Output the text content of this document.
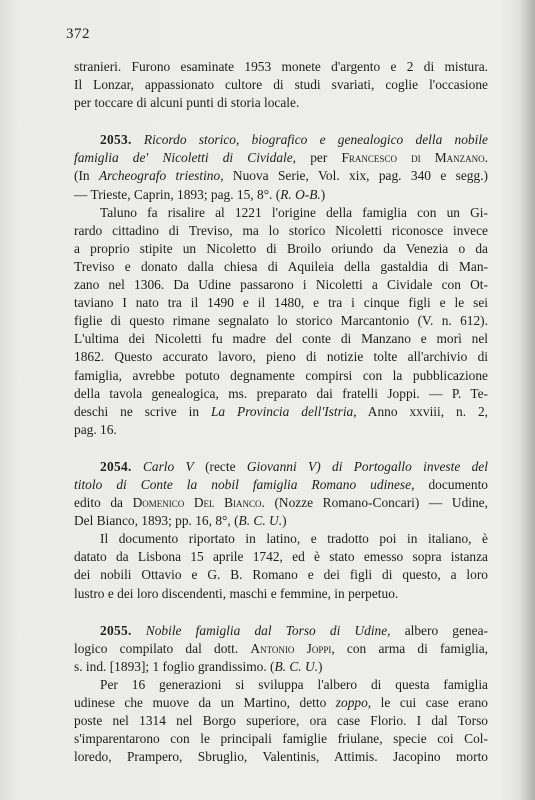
372
stranieri. Furono esaminate 1953 monete d'argento e 2 di mistura.
Il Lonzar, appassionato cultore di studi svariati, coglie l'occasione
per toccare di alcuni punti di storia locale.
2053. Ricordo storico, biografico e genealogico della nobile
famiglia de' Nicoletti di Cividale, per Francesco di Manzano.
(In Archeografo triestino, Nuova Serie, Vol. xix, pag. 340 e segg.)
— Trieste, Caprin, 1893; pag. 15, 8°. (R. O-B.)
Taluno fa risalire al 1221 l'origine della famiglia con un Gi-
rardo cittadino di Treviso, ma lo storico Nicoletti riconosce invece
a proprio stipite un Nicoletto di Broilo oriundo da Venezia o da
Treviso e donato dalla chiesa di Aquileia della gastaldia di Man-
zano nel 1306. Da Udine passarono i Nicoletti a Cividale con Ot-
taviano I nato tra il 1490 e il 1480, e tra i cinque figli e le sei
figlie di questo rimane segnalato lo storico Marcantonio (V. n. 612).
L'ultima dei Nicoletti fu madre del conte di Manzano e morì nel
1862. Questo accurato lavoro, pieno di notizie tolte all'archivio di
famiglia, avrebbe potuto degnamente compirsi con la pubblicazione
della tavola genealogica, ms. preparato dai fratelli Joppi. — P. Te-
deschi ne scrive in La Provincia dell'Istria, Anno xxviii, n. 2,
pag. 16.
2054. Carlo V (recte Giovanni V) di Portogallo investe del
titolo di Conte la nobil famiglia Romano udinese, documento
edito da Domenico Del Bianco. (Nozze Romano-Concari) — Udine,
Del Bianco, 1893; pp. 16, 8°, (B. C. U.)
Il documento riportato in latino, e tradotto poi in italiano, è
datato da Lisbona 15 aprile 1742, ed è stato emesso sopra istanza
dei nobili Ottavio e G. B. Romano e dei figli di questo, a loro
lustro e dei loro discendenti, maschi e femmine, in perpetuo.
2055. Nobile famiglia dal Torso di Udine, albero genea-
logico compilato dal dott. Antonio Joppi, con arma di famiglia,
s. ind. [1893]; 1 foglio grandissimo. (B. C. U.)
Per 16 generazioni si sviluppa l'albero di questa famiglia
udinese che muove da un Martino, detto zoppo, le cui case erano
poste nel 1314 nel Borgo superiore, ora case Florio. I dal Torso
s'imparentarono con le principali famiglie friulane, specie coi Col-
loredo, Prampero, Sbruglio, Valentinis, Attimis. Jacopino morto
